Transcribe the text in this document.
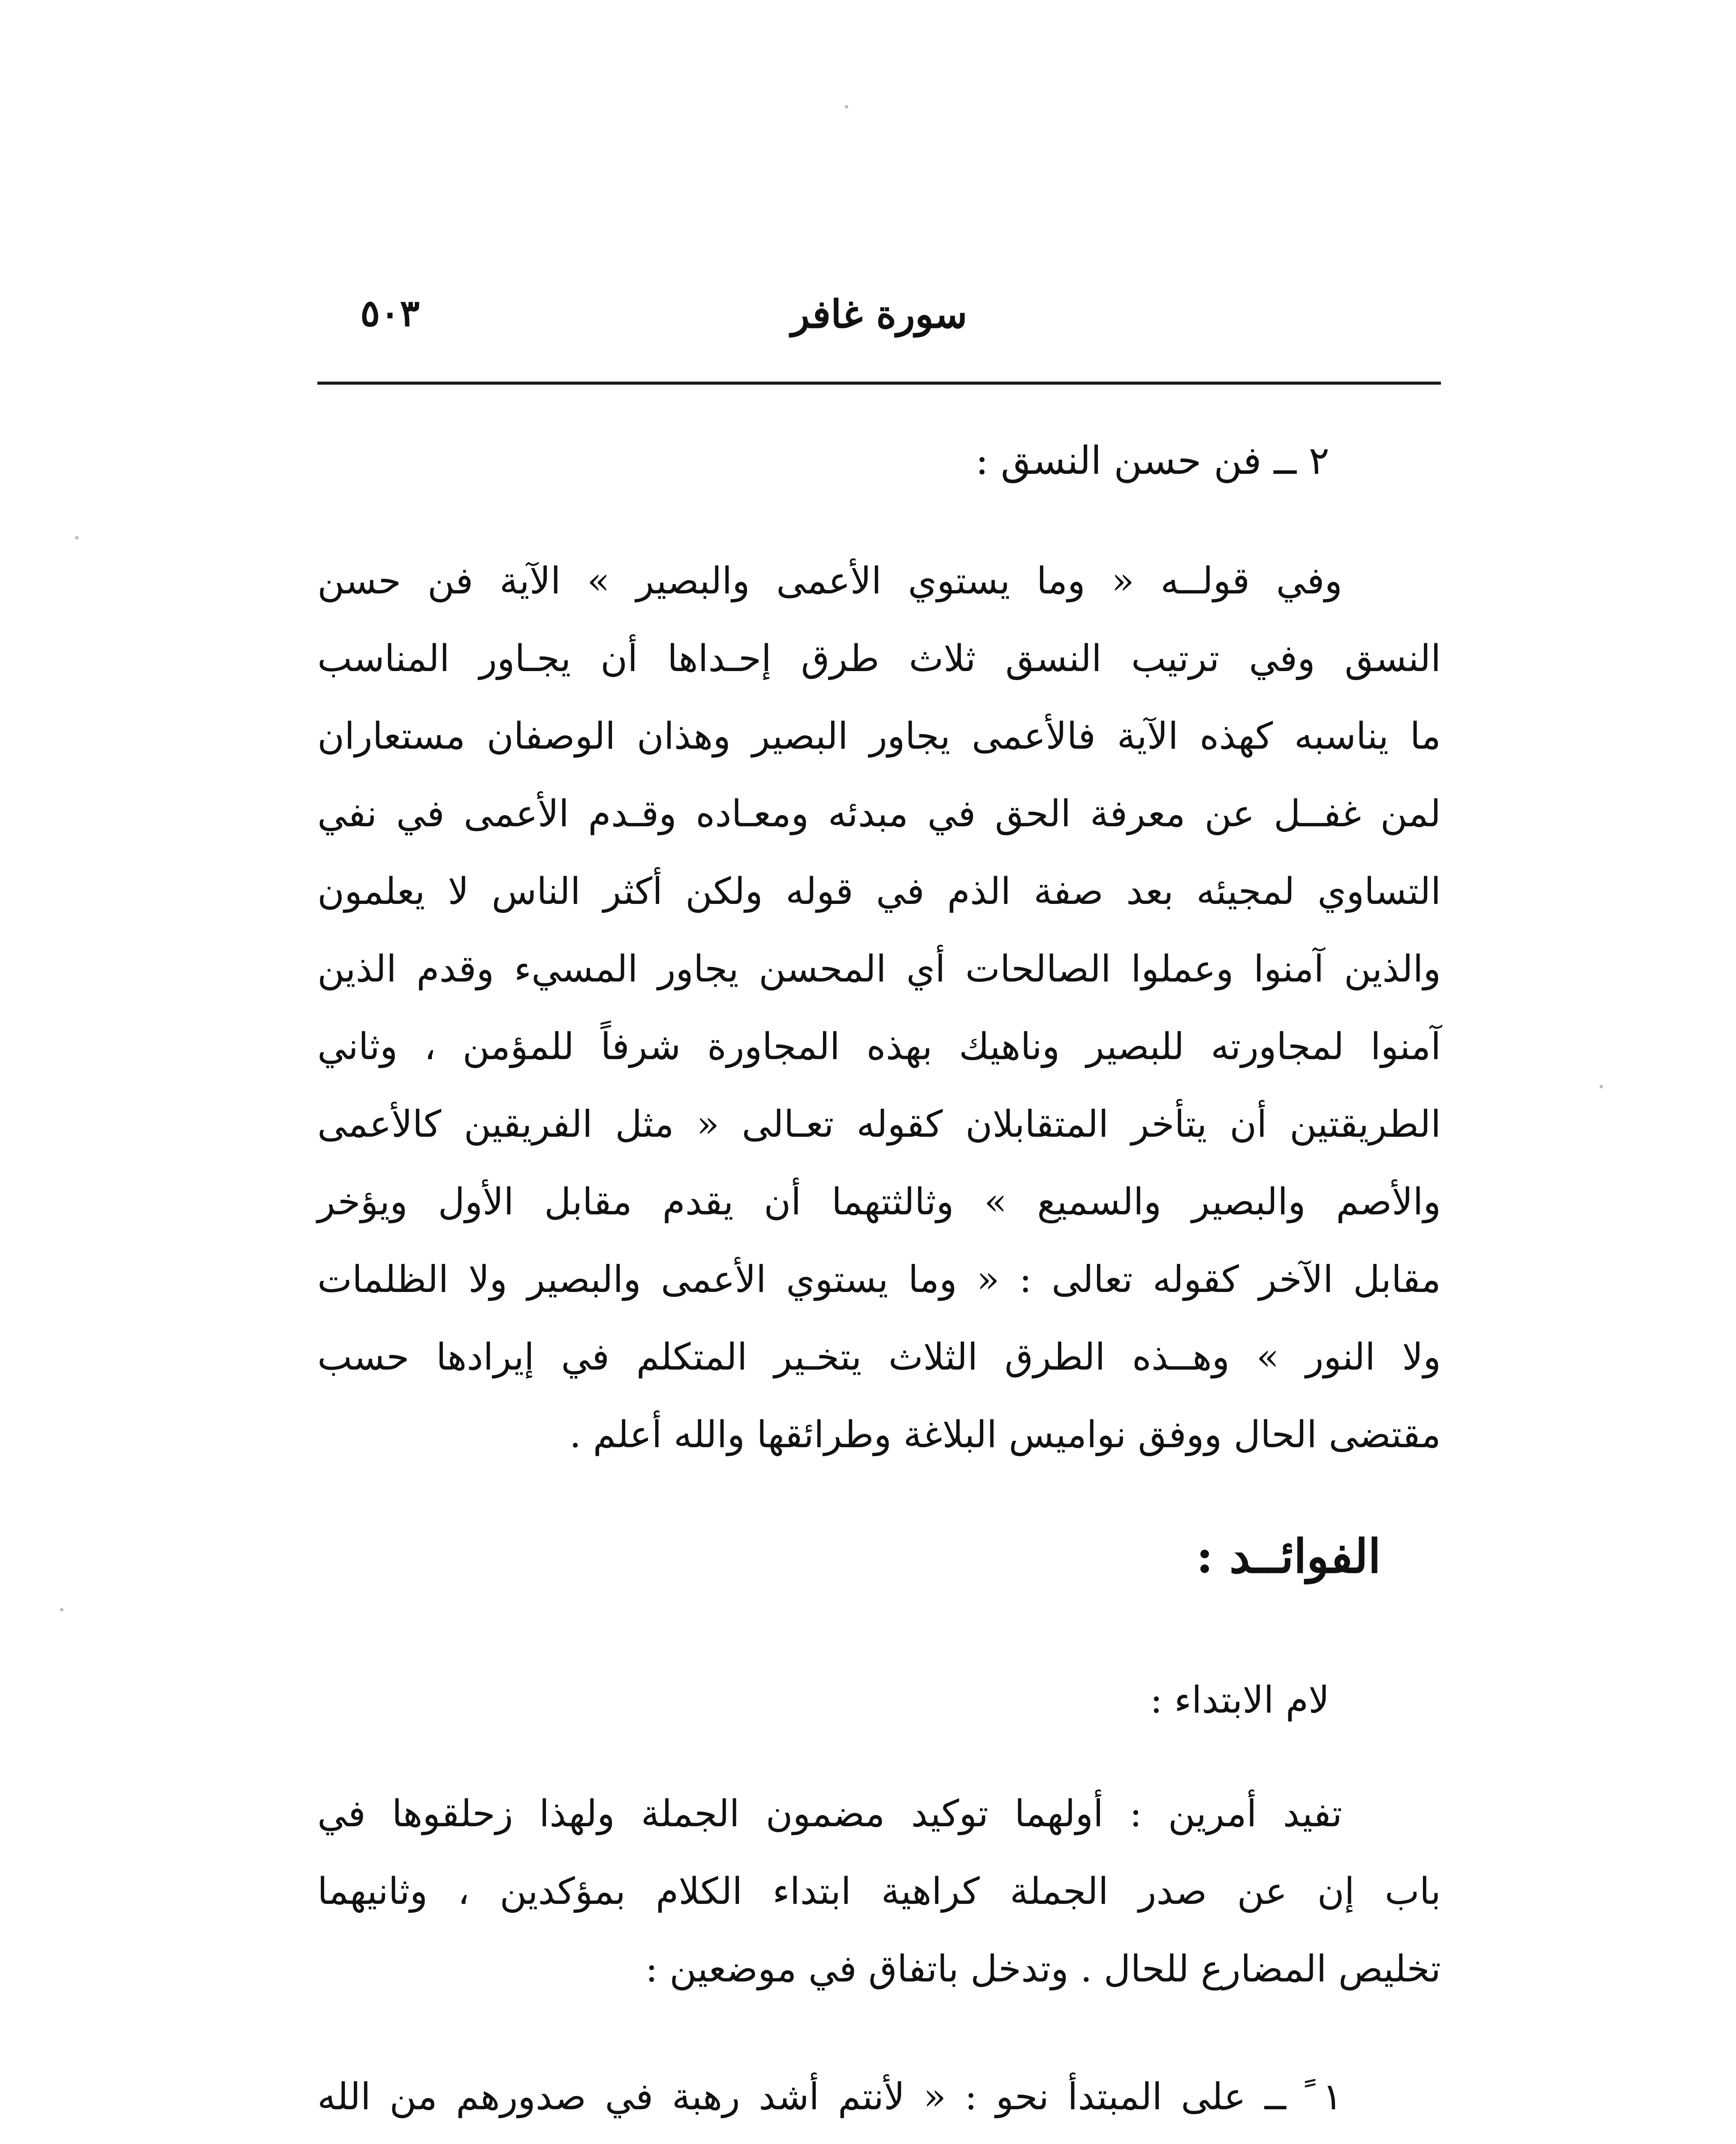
٥٠٣	سورة غافر
٢ ــ فن حسن النسق :
وفي قولــه « وما يستوي الأعمى والبصير » الآية فن حسن
النسق وفي ترتيب النسق ثلاث طرق إحـداها أن يجـاور المناسب
ما يناسبه كهذه الآية فالأعمى يجاور البصير وهذان الوصفان مستعاران
لمن غفــل عن معرفة الحق في مبدئه ومعـاده وقـدم الأعمى في نفي
التساوي لمجيئه بعد صفة الذم في قوله ولكن أكثر الناس لا يعلمون
والذين آمنوا وعملوا الصالحات أي المحسن يجاور المسيء وقدم الذين
آمنوا لمجاورته للبصير وناهيك بهذه المجاورة شرفاً للمؤمن ، وثاني
الطريقتين أن يتأخر المتقابلان كقوله تعـالى « مثل الفريقين كالأعمى
والأصم والبصير والسميع » وثالثتهما أن يقدم مقابل الأول ويؤخر
مقابل الآخر كقوله تعالى : « وما يستوي الأعمى والبصير ولا الظلمات
ولا النور » وهــذه الطرق الثلاث يتخـير المتكلم في إيرادها حسب
مقتضى الحال ووفق نواميس البلاغة وطرائقها والله أعلم .
الفوائــد :
لام الابتداء :
تفيد أمرين : أولهما توكيد مضمون الجملة ولهذا زحلقوها في
باب إن عن صدر الجملة كراهية ابتداء الكلام بمؤكدين ، وثانيهما
تخليص المضارع للحال . وتدخل باتفاق في موضعين :
١ ً ــ على المبتدأ نحو : « لأنتم أشد رهبة في صدورهم من الله
